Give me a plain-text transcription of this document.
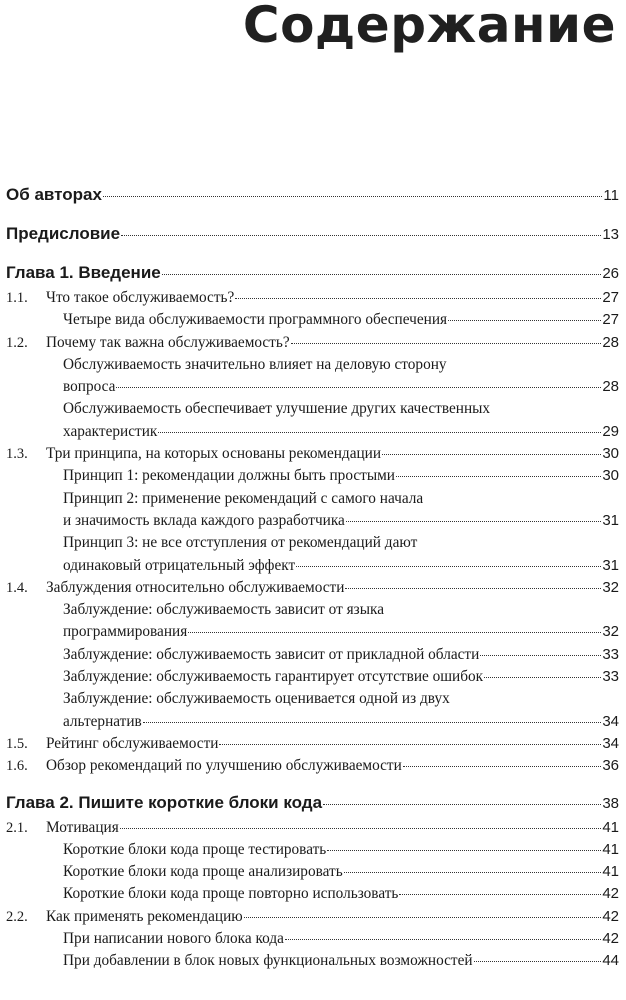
Содержание
Об авторах	11
Предисловие	13
Глава 1. Введение	26
1.1.	Что такое обслуживаемость?	27
Четыре вида обслуживаемости программного обеспечения	27
1.2.	Почему так важна обслуживаемость?	28
Обслуживаемость значительно влияет на деловую сторону
вопроса	28
Обслуживаемость обеспечивает улучшение других качественных
характеристик	29
1.3.	Три принципа, на которых основаны рекомендации	30
Принцип 1: рекомендации должны быть простыми	30
Принцип 2: применение рекомендаций с самого начала
и значимость вклада каждого разработчика	31
Принцип 3: не все отступления от рекомендаций дают
одинаковый отрицательный эффект	31
1.4.	Заблуждения относительно обслуживаемости	32
Заблуждение: обслуживаемость зависит от языка
программирования	32
Заблуждение: обслуживаемость зависит от прикладной области	33
Заблуждение: обслуживаемость гарантирует отсутствие ошибок	33
Заблуждение: обслуживаемость оценивается одной из двух
альтернатив	34
1.5.	Рейтинг обслуживаемости	34
1.6.	Обзор рекомендаций по улучшению обслуживаемости	36
Глава 2. Пишите короткие блоки кода	38
2.1.	Мотивация	41
Короткие блоки кода проще тестировать	41
Короткие блоки кода проще анализировать	41
Короткие блоки кода проще повторно использовать	42
2.2.	Как применять рекомендацию	42
При написании нового блока кода	42
При добавлении в блок новых функциональных возможностей	44
